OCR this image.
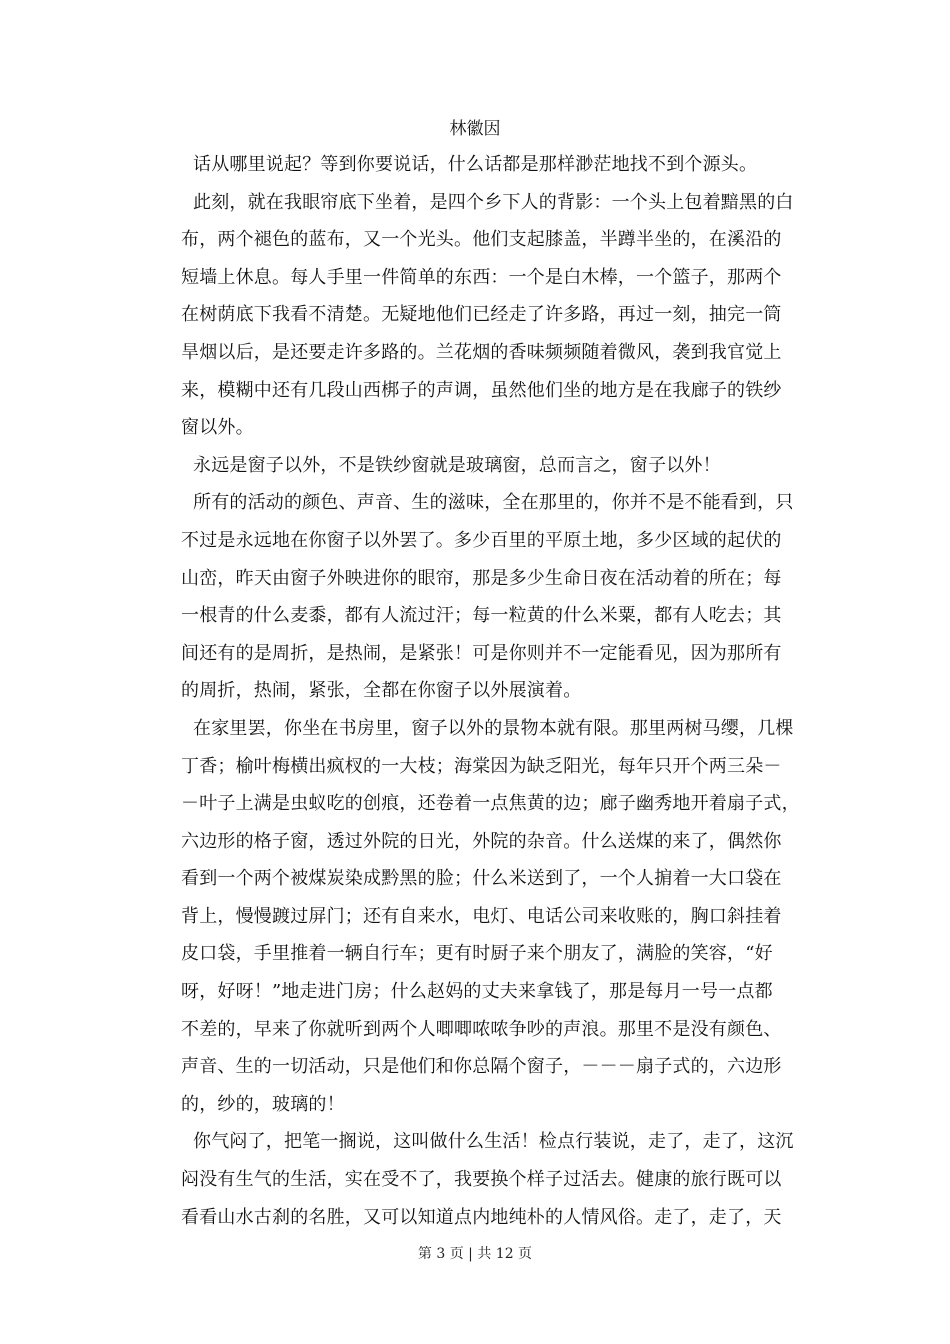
林徽因
话从哪里说起？等到你要说话，什么话都是那样渺茫地找不到个源头。
此刻，就在我眼帘底下坐着，是四个乡下人的背影：一个头上包着黯黑的白
布，两个褪色的蓝布，又一个光头。他们支起膝盖，半蹲半坐的，在溪沿的
短墙上休息。每人手里一件简单的东西：一个是白木棒，一个篮子，那两个
在树荫底下我看不清楚。无疑地他们已经走了许多路，再过一刻，抽完一筒
旱烟以后，是还要走许多路的。兰花烟的香味频频随着微风，袭到我官觉上
来，模糊中还有几段山西梆子的声调，虽然他们坐的地方是在我廊子的铁纱
窗以外。
永远是窗子以外，不是铁纱窗就是玻璃窗，总而言之，窗子以外！
所有的活动的颜色、声音、生的滋味，全在那里的，你并不是不能看到，只
不过是永远地在你窗子以外罢了。多少百里的平原土地，多少区域的起伏的
山峦，昨天由窗子外映进你的眼帘，那是多少生命日夜在活动着的所在；每
一根青的什么麦黍，都有人流过汗；每一粒黄的什么米粟，都有人吃去；其
间还有的是周折，是热闹，是紧张！可是你则并不一定能看见，因为那所有
的周折，热闹，紧张，全都在你窗子以外展演着。
在家里罢，你坐在书房里，窗子以外的景物本就有限。那里两树马缨，几棵
丁香；榆叶梅横出疯杈的一大枝；海棠因为缺乏阳光，每年只开个两三朵－
－叶子上满是虫蚁吃的创痕，还卷着一点焦黄的边；廊子幽秀地开着扇子式，
六边形的格子窗，透过外院的日光，外院的杂音。什么送煤的来了，偶然你
看到一个两个被煤炭染成黔黑的脸；什么米送到了，一个人掮着一大口袋在
背上，慢慢踱过屏门；还有自来水，电灯、电话公司来收账的，胸口斜挂着
皮口袋，手里推着一辆自行车；更有时厨子来个朋友了，满脸的笑容，“好
呀，好呀！”地走进门房；什么赵妈的丈夫来拿钱了，那是每月一号一点都
不差的，早来了你就听到两个人唧唧哝哝争吵的声浪。那里不是没有颜色、
声音、生的一切活动，只是他们和你总隔个窗子，－－－扇子式的，六边形
的，纱的，玻璃的！
你气闷了，把笔一搁说，这叫做什么生活！检点行装说，走了，走了，这沉
闷没有生气的生活，实在受不了，我要换个样子过活去。健康的旅行既可以
看看山水古刹的名胜，又可以知道点内地纯朴的人情风俗。走了，走了，天
第 3 页 | 共 12 页
